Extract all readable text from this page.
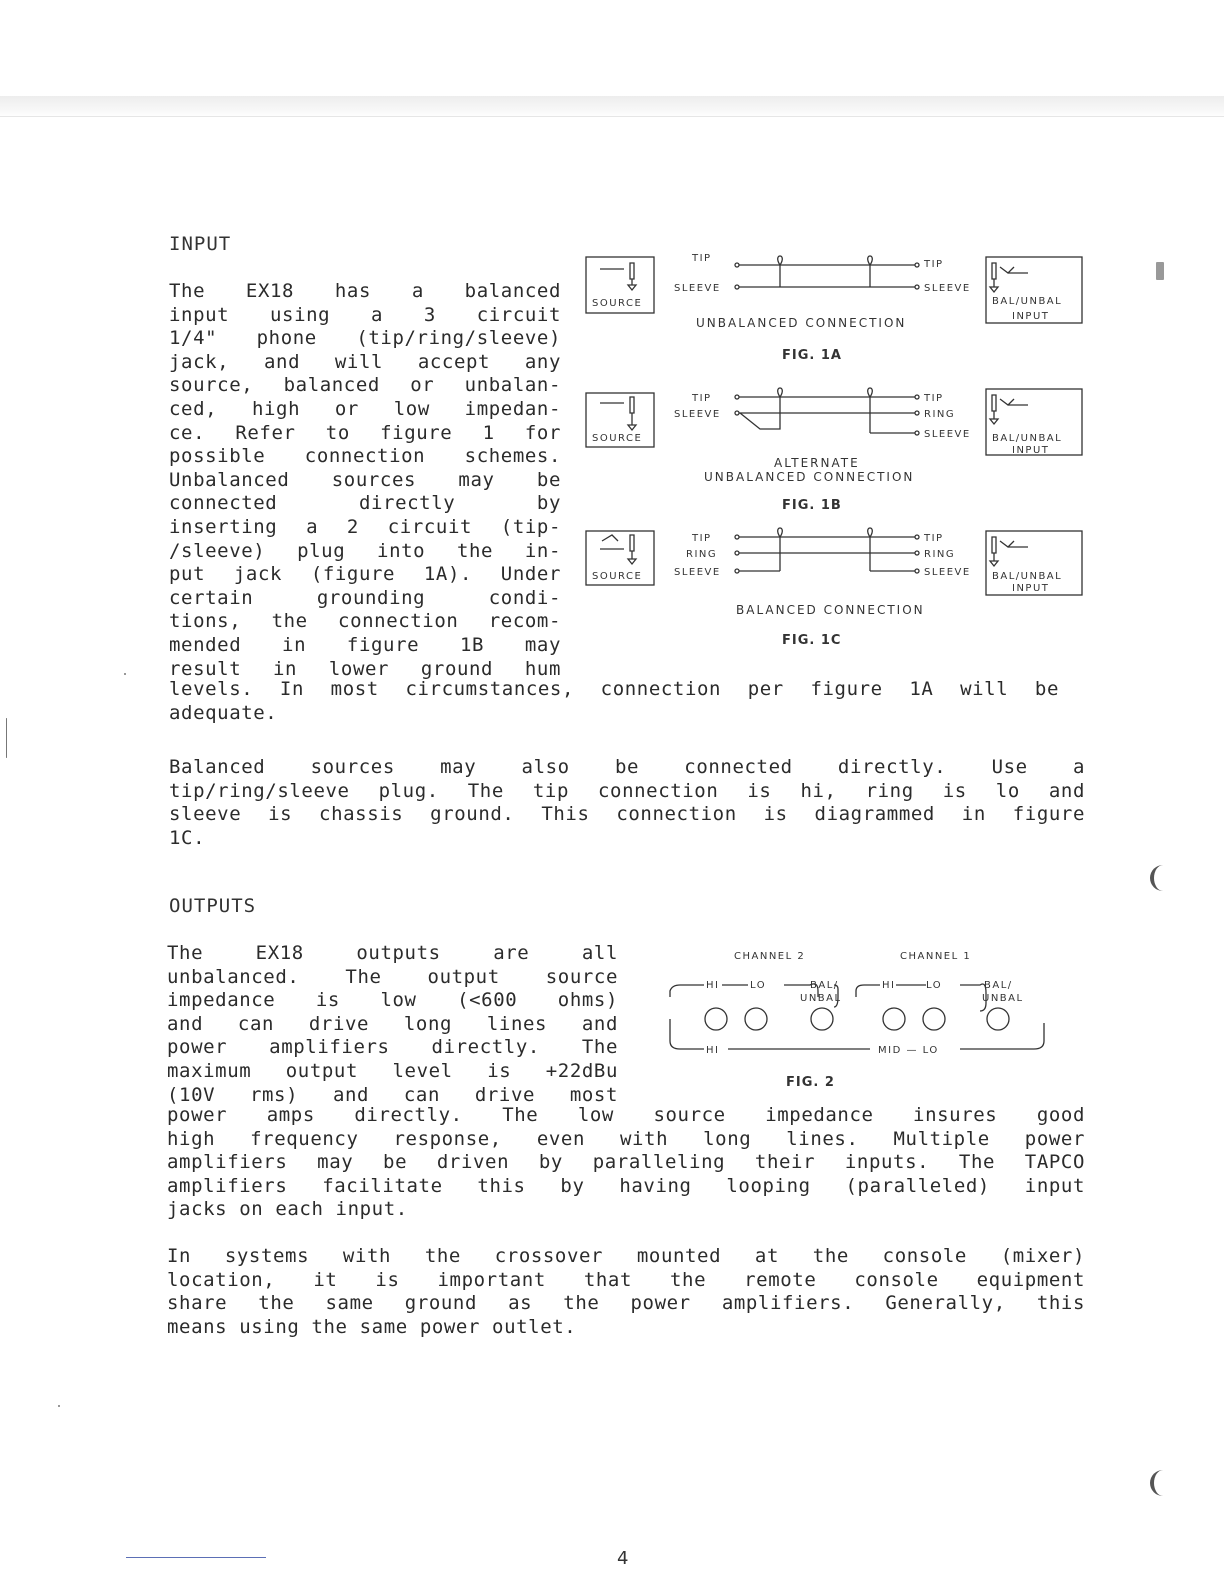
INPUT
The EX18 has a balanced
input using a 3 circuit
1/4" phone (tip/ring/sleeve)
jack, and will accept any
source, balanced or unbalan-
ced, high or low impedan-
ce. Refer to figure 1 for
possible connection schemes.
Unbalanced sources may be
connected directly by
inserting a 2 circuit (tip-
/sleeve) plug into the in-
put jack (figure 1A). Under
certain grounding condi-
tions, the connection recom-
mended in figure 1B may
result in lower ground hum
levels. In most circumstances, connection per figure 1A will be
adequate.
Balanced sources may also be connected directly. Use a
tip/ring/sleeve plug. The tip connection is hi, ring is lo and
sleeve is chassis ground. This connection is diagrammed in figure
1C.
OUTPUTS
The EX18 outputs are all
unbalanced. The output source
impedance is low (<600 ohms)
and can drive long lines and
power amplifiers directly. The
maximum output level is +22dBu
(10V rms) and can drive most
power amps directly. The low source impedance insures good
high frequency response, even with long lines. Multiple power
amplifiers may be driven by paralleling their inputs. The TAPCO
amplifiers facilitate this by having looping (paralleled) input
jacks on each input.
In systems with the crossover mounted at the console (mixer)
location, it is important that the remote console equipment
share the same ground as the power amplifiers. Generally, this
means using the same power outlet.
SOURCE
TIP
SLEEVE
TIP
SLEEVE
BAL/UNBAL
INPUT
UNBALANCED CONNECTION
FIG. 1A
SOURCE
TIP
SLEEVE
TIP
RING
SLEEVE BAL/UNBAL
INPUT
ALTERNATE
UNBALANCED CONNECTION
FIG. 1B
SOURCE
TIP
RING
SLEEVE
TIP
RING
SLEEVE BAL/UNBAL
INPUT
BALANCED CONNECTION
FIG. 1C
CHANNEL 2	CHANNEL 1
HI	LO	BAL/
UNBAL
HI	LO	BAL/
UNBAL
HI	MID — LO
FIG. 2
4
